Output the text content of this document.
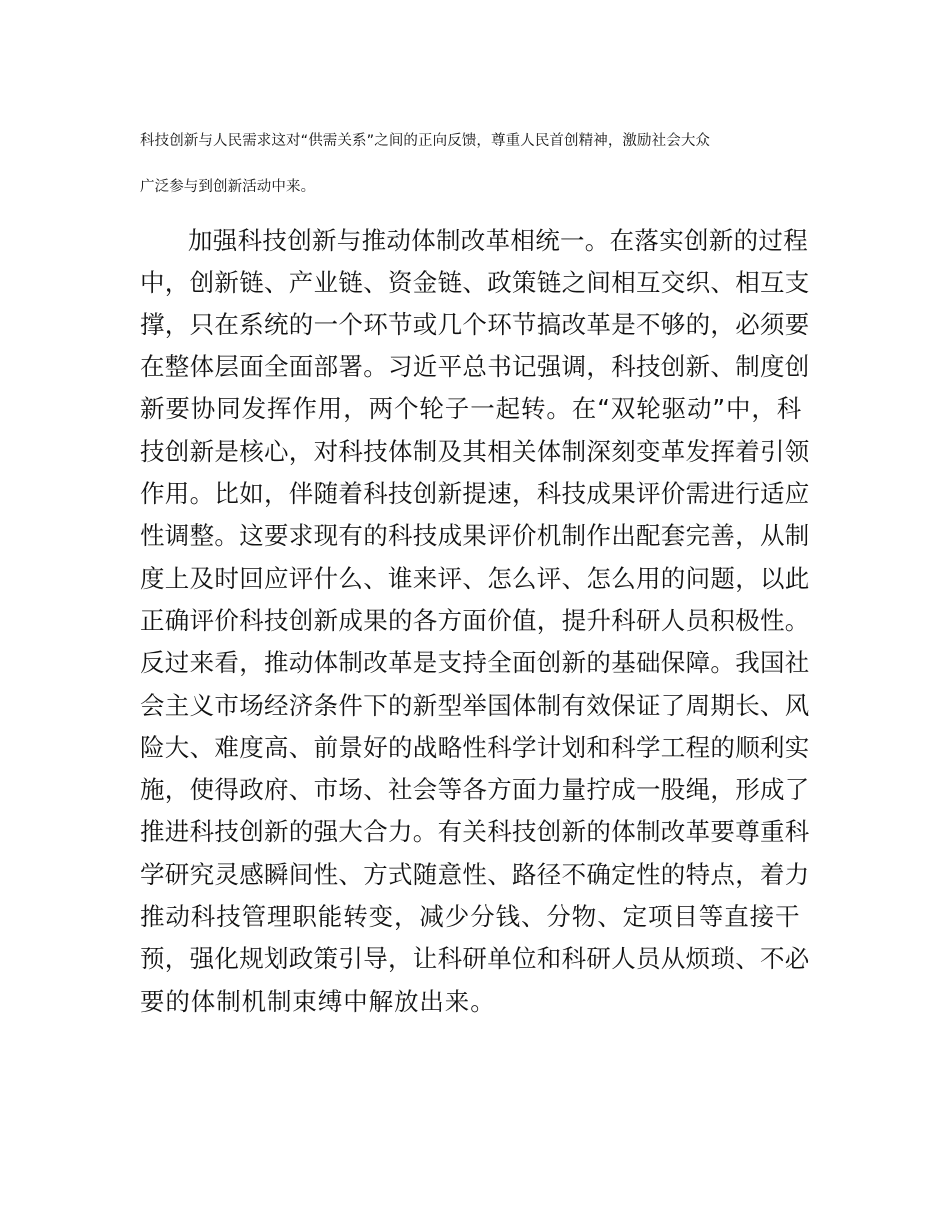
科技创新与人民需求这对“供需关系”之间的正向反馈，尊重人民首创精神，激励社会大众

广泛参与到创新活动中来。

加强科技创新与推动体制改革相统一。在落实创新的过程

中，创新链、产业链、资金链、政策链之间相互交织、相互支

撑，只在系统的一个环节或几个环节搞改革是不够的，必须要

在整体层面全面部署。习近平总书记强调，科技创新、制度创

新要协同发挥作用，两个轮子一起转。在“双轮驱动”中，科

技创新是核心，对科技体制及其相关体制深刻变革发挥着引领

作用。比如，伴随着科技创新提速，科技成果评价需进行适应

性调整。这要求现有的科技成果评价机制作出配套完善，从制

度上及时回应评什么、谁来评、怎么评、怎么用的问题，以此

正确评价科技创新成果的各方面价值，提升科研人员积极性。

反过来看，推动体制改革是支持全面创新的基础保障。我国社

会主义市场经济条件下的新型举国体制有效保证了周期长、风

险大、难度高、前景好的战略性科学计划和科学工程的顺利实

施，使得政府、市场、社会等各方面力量拧成一股绳，形成了

推进科技创新的强大合力。有关科技创新的体制改革要尊重科

学研究灵感瞬间性、方式随意性、路径不确定性的特点，着力

推动科技管理职能转变，减少分钱、分物、定项目等直接干

预，强化规划政策引导，让科研单位和科研人员从烦琐、不必

要的体制机制束缚中解放出来。
